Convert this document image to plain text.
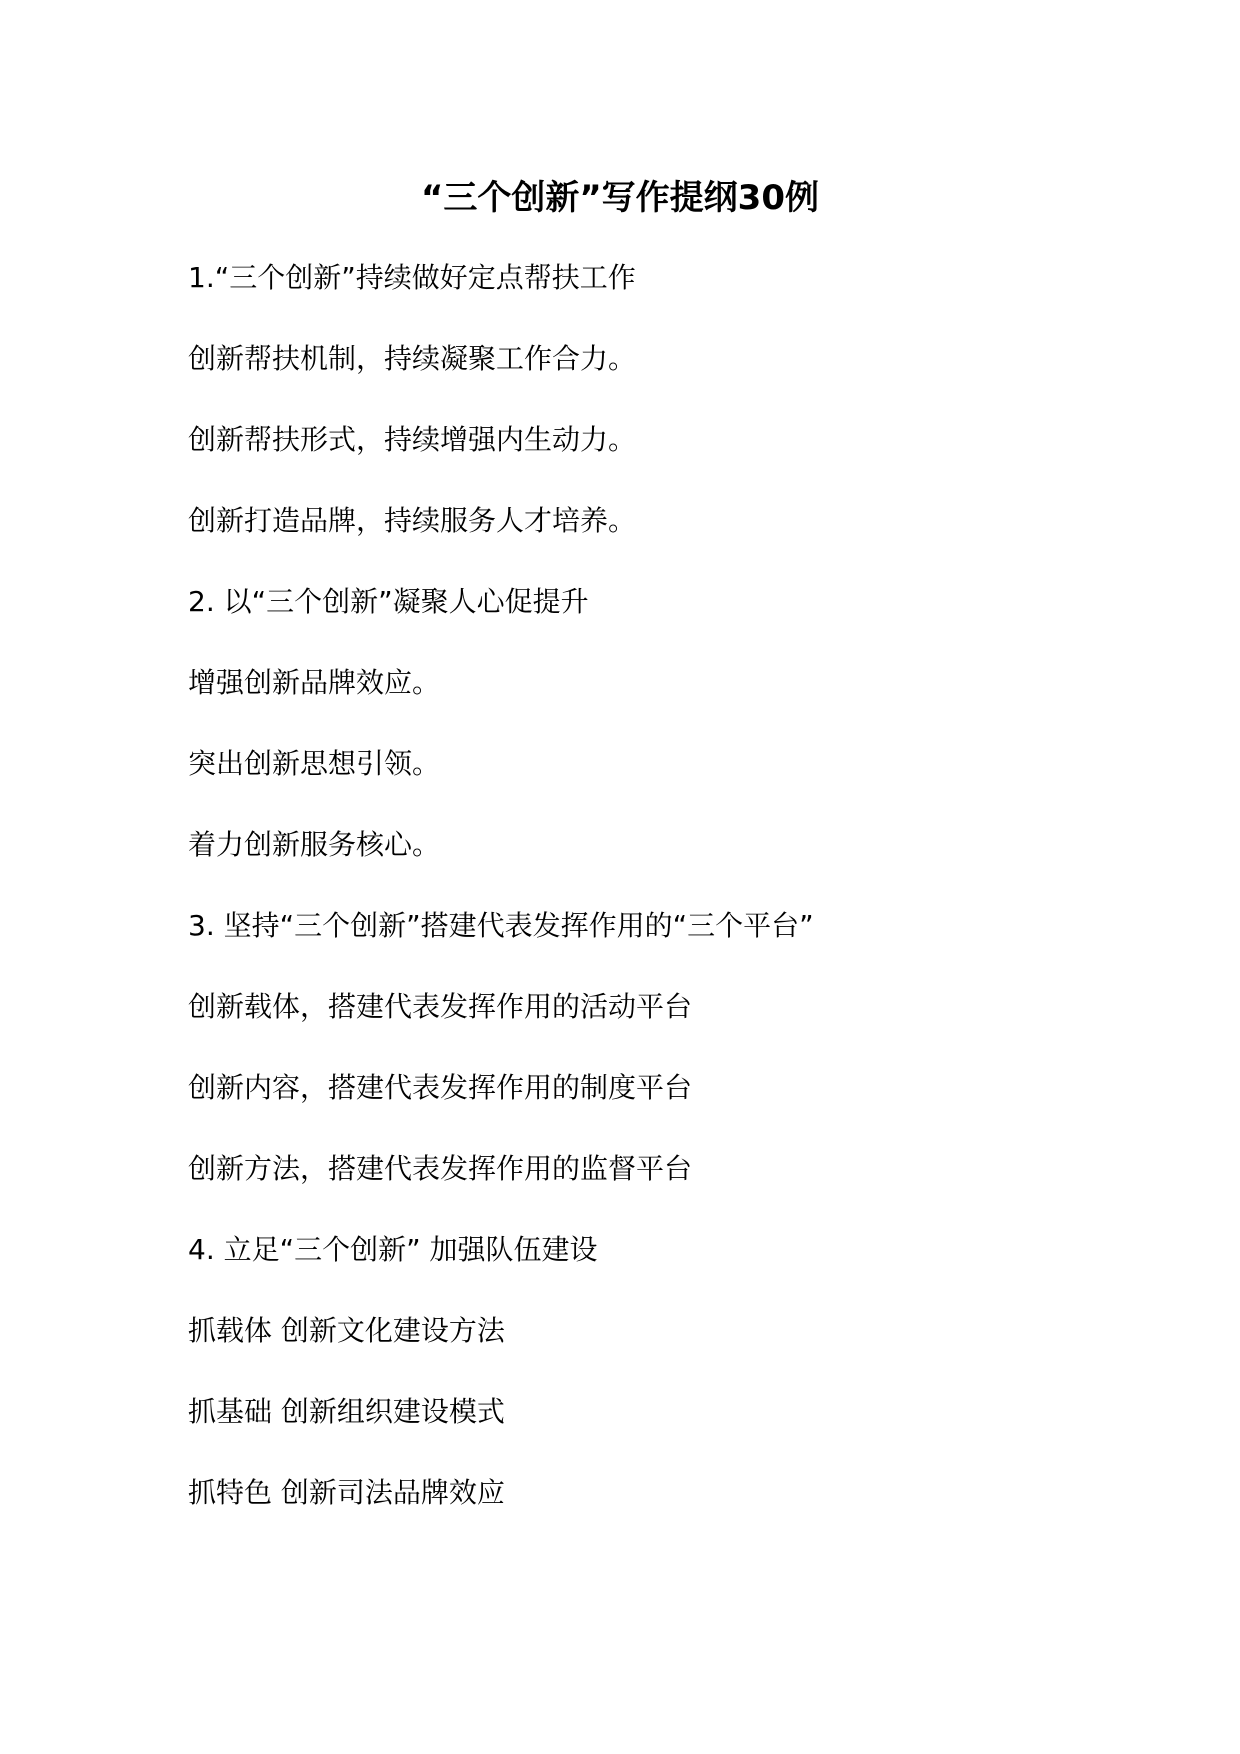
“三个创新”写作提纲30例

1.“三个创新”持续做好定点帮扶工作

创新帮扶机制，持续凝聚工作合力。

创新帮扶形式，持续增强内生动力。

创新打造品牌，持续服务人才培养。

2. 以“三个创新”凝聚人心促提升

增强创新品牌效应。

突出创新思想引领。

着力创新服务核心。

3. 坚持“三个创新”搭建代表发挥作用的“三个平台”

创新载体，搭建代表发挥作用的活动平台

创新内容，搭建代表发挥作用的制度平台

创新方法，搭建代表发挥作用的监督平台

4. 立足“三个创新” 加强队伍建设

抓载体 创新文化建设方法

抓基础 创新组织建设模式

抓特色 创新司法品牌效应
